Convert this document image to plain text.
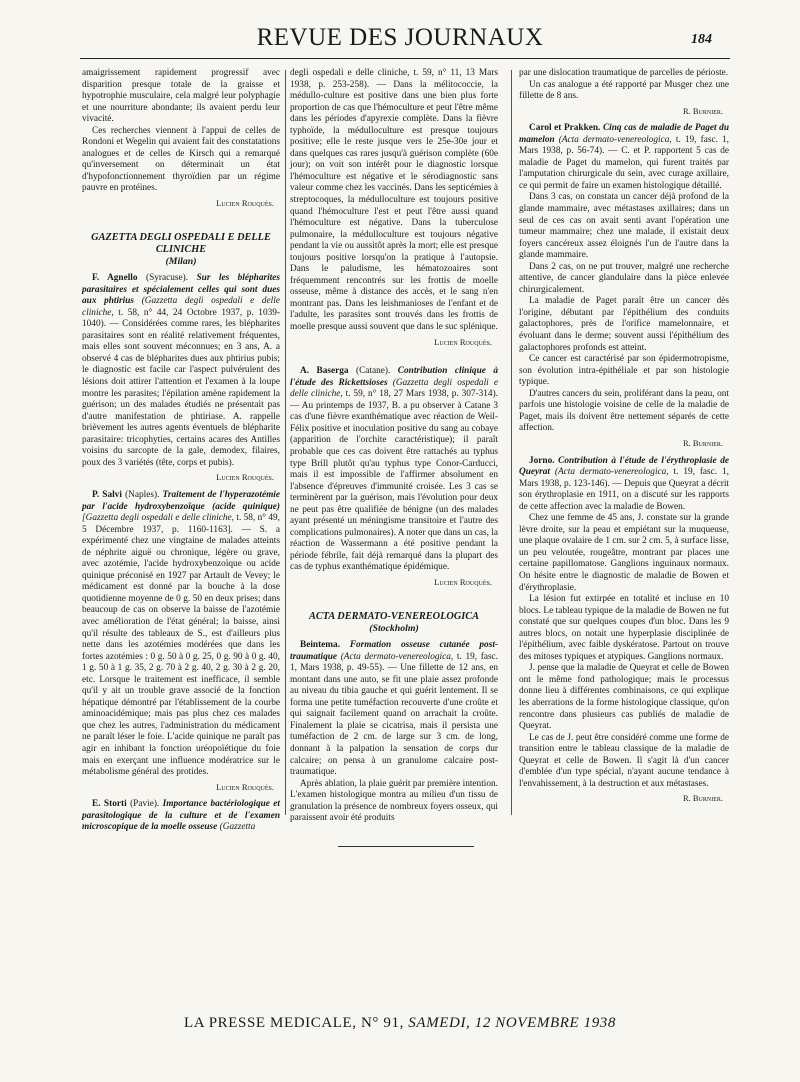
REVUE DES JOURNAUX	184

amaigrissement rapidement progressif avec disparition presque totale de la graisse et hypotrophie musculaire, cela malgré leur polyphagie et une nourriture abondante; ils avaient perdu leur vivacité.

Ces recherches viennent à l'appui de celles de Rondoni et Wegelin qui avaient fait des constatations analogues et de celles de Kirsch qui a remarqué qu'inversement on déterminait un état d'hypofonctionnement thyroïdien par un régime pauvre en protéines.

Lucien Rouquès.
GAZETTA DEGLI OSPEDALI E DELLE CLINICHE
(Milan)

F. Agnello (Syracuse). Sur les blépharites parasitaires et spécialement celles qui sont dues aux phtirius (Gazzetta degli ospedali e delle cliniche, t. 58, n° 44, 24 Octobre 1937, p. 1039-1040). — Considérées comme rares, les blépharites parasitaires sont en réalité relativement fréquentes, mais elles sont souvent méconnues; en 3 ans, A. a observé 4 cas de blépharites dues aux phtirius pubis; le diagnostic est facile car l'aspect pulvérulent des lésions doit attirer l'attention et l'examen à la loupe montre les parasites; l'épilation amène rapidement la guérison; un des malades étudiés ne présentait pas d'autre manifestation de phtiriase. A. rappelle brièvement les autres agents éventuels de blépharite parasitaire: tricophyties, certains acares des Antilles voisins du sarcopte de la gale, demodex, filaires, poux des 3 variétés (tête, corps et pubis).

Lucien Rouquès.

P. Salvi (Naples). Traitement de l'hyperazotémie par l'acide hydroxybenzoïque (acide quinique) [Gazzetta degli ospedali e delle cliniche, t. 58, n° 49, 5 Décembre 1937, p. 1160-1163]. — S. a expérimenté chez une vingtaine de malades atteints de néphrite aiguë ou chronique, légère ou grave, avec azotémie, l'acide hydroxybenzoïque ou acide quinique préconisé en 1927 par Artault de Vevey; le médicament est donné par la bouche à la dose quotidienne moyenne de 0 g. 50 en deux prises; dans beaucoup de cas on observe la baisse de l'azotémie avec amélioration de l'état général; la baisse, ainsi qu'il résulte des tableaux de S., est d'ailleurs plus nette dans les azotémies modérées que dans les fortes azotémies : 0 g. 50 à 0 g. 25, 0 g. 90 à 0 g. 40, 1 g. 50 à 1 g. 35, 2 g. 70 à 2 g. 40, 2 g. 30 à 2 g. 20, etc. Lorsque le traitement est inefficace, il semble qu'il y ait un trouble grave associé de la fonction hépatique démontré par l'établissement de la courbe aminoacidémique; mais pas plus chez ces malades que chez les autres, l'administration du médicament ne paraît léser le foie. L'acide quinique ne paraît pas agir en inhibant la fonction uréopoïétique du foie mais en exerçant une influence modératrice sur le métabolisme général des protides.

Lucien Rouquès.

E. Storti (Pavie). Importance bactériologique et parasitologique de la culture et de l'examen microscopique de la moelle osseuse (Gazzetta

degli ospedali e delle cliniche, t. 59, n° 11, 13 Mars 1938, p. 253-258). — Dans la mélitococcie, la médullo-culture est positive dans une bien plus forte proportion de cas que l'hémoculture et peut l'être même dans les périodes d'apyrexie complète. Dans la fièvre typhoïde, la médulloculture est presque toujours positive; elle le reste jusque vers le 25e-30e jour et dans quelques cas rares jusqu'à guérison complète (60e jour); on voit son intérêt pour le diagnostic lorsque l'hémoculture est négative et le sérodiagnostic sans valeur comme chez les vaccinés. Dans les septicémies à streptocoques, la médulloculture est toujours positive quand l'hémoculture l'est et peut l'être aussi quand l'hémoculture est négative. Dans la tuberculose pulmonaire, la médulloculture est toujours négative pendant la vie ou aussitôt après la mort; elle est presque toujours positive lorsqu'on la pratique à l'autopsie. Dans le paludisme, les hématozoaires sont fréquemment rencontrés sur les frottis de moelle osseuse, même à distance des accès, et le sang n'en montrant pas. Dans les leishmanioses de l'enfant et de l'adulte, les parasites sont trouvés dans les frottis de moelle presque aussi souvent que dans le suc splénique.

Lucien Rouquès.

A. Baserga (Catane). Contribution clinique à l'étude des Rickettsioses (Gazzetta degli ospedali e delle cliniche, t. 59, n° 18, 27 Mars 1938, p. 307-314). — Au printemps de 1937, B. a pu observer à Catane 3 cas d'une fièvre exanthématique avec réaction de Weil-Félix positive et inoculation positive du sang au cobaye (apparition de l'orchite caractéristique); il paraît probable que ces cas doivent être rattachés au typhus type Brill plutôt qu'au typhus type Conor-Carducci, mais il est impossible de l'affirmer absolument en l'absence d'épreuves d'immunité croisée. Les 3 cas se terminèrent par la guérison, mais l'évolution pour deux ne peut pas être qualifiée de bénigne (un des malades ayant présenté un méningisme transitoire et l'autre des complications pulmonaires). A noter que dans un cas, la réaction de Wassermann a été positive pendant la période fébrile, fait déjà remarqué dans la plupart des cas de typhus exanthématique épidémique.

Lucien Rouquès.
ACTA DERMATO-VENEREOLOGICA
(Stockholm)

Beintema. Formation osseuse cutanée post-traumatique (Acta dermato-venereologica, t. 19, fasc. 1, Mars 1938, p. 49-55). — Une fillette de 12 ans, en montant dans une auto, se fit une plaie assez profonde au niveau du tibia gauche et qui guérit lentement. Il se forma une petite tuméfaction recouverte d'une croûte et qui saignait facilement quand on arrachait la croûte. Finalement la plaie se cicatrisa, mais il persista une tuméfaction de 2 cm. de large sur 3 cm. de long, donnant à la palpation la sensation de corps dur calcaire; on pensa à un granulome calcaire post-traumatique.

Après ablation, la plaie guérit par première intention. L'examen histologique montra au milieu d'un tissu de granulation la présence de nombreux foyers osseux, qui paraissent avoir été produits

par une dislocation traumatique de parcelles de périoste.

Un cas analogue a été rapporté par Musger chez une fillette de 8 ans.

R. Burnier.

Carol et Prakken. Cinq cas de maladie de Paget du mamelon (Acta dermato-venereologica, t. 19, fasc. 1, Mars 1938, p. 56-74). — C. et P. rapportent 5 cas de maladie de Paget du mamelon, qui furent traités par l'amputation chirurgicale du sein, avec curage axillaire, ce qui permit de faire un examen histologique détaillé.

Dans 3 cas, on constata un cancer déjà profond de la glande mammaire, avec métastases axillaires; dans un seul de ces cas on avait senti avant l'opération une tumeur mammaire; chez une malade, il existait deux foyers cancéreux assez éloignés l'un de l'autre dans la glande mammaire.

Dans 2 cas, on ne put trouver, malgré une recherche attentive, de cancer glandulaire dans la pièce enlevée chirurgicalement.

La maladie de Paget paraît être un cancer dès l'origine, débutant par l'épithélium des conduits galactophores, près de l'orifice mamelonnaire, et évoluant dans le derme; souvent aussi l'épithélium des galactophores profonds est atteint.

Ce cancer est caractérisé par son épidermotropisme, son évolution intra-épithéliale et par son histologie typique.

D'autres cancers du sein, proliférant dans la peau, ont parfois une histologie voisine de celle de la maladie de Paget, mais ils doivent être nettement séparés de cette affection.

R. Burnier.

Jorno. Contribution à l'étude de l'érythroplasie de Queyrat (Acta dermato-venereologica, t. 19, fasc. 1, Mars 1938, p. 123-146). — Depuis que Queyrat a décrit son érythroplasie en 1911, on a discuté sur les rapports de cette affection avec la maladie de Bowen.

Chez une femme de 45 ans, J. constate sur la grande lèvre droite, sur la peau et empiétant sur la muqueuse, une plaque ovalaire de 1 cm. sur 2 cm. 5, à surface lisse, un peu veloutée, rougeâtre, montrant par places une certaine papillomatose. Ganglions inguinaux normaux. On hésite entre le diagnostic de maladie de Bowen et d'érythroplasie.

La lésion fut extirpée en totalité et incluse en 10 blocs. Le tableau typique de la maladie de Bowen ne fut constaté que sur quelques coupes d'un bloc. Dans les 9 autres blocs, on notait une hyperplasie disciplinée de l'épithélium, avec faible dyskératose. Partout on trouve des mitoses typiques et atypiques. Ganglions normaux.

J. pense que la maladie de Queyrat et celle de Bowen ont le même fond pathologique; mais le processus donne lieu à différentes combinaisons, ce qui explique les aberrations de la forme histologique classique, qu'on rencontre dans plusieurs cas publiés de maladie de Queyrat.

Le cas de J. peut être considéré comme une forme de transition entre le tableau classique de la maladie de Queyrat et celle de Bowen. Il s'agit là d'un cancer d'emblée d'un type spécial, n'ayant aucune tendance à l'envahissement, à la destruction et aux métastases.

R. Burnier.
LA PRESSE MEDICALE, N° 91, SAMEDI, 12 NOVEMBRE 1938
